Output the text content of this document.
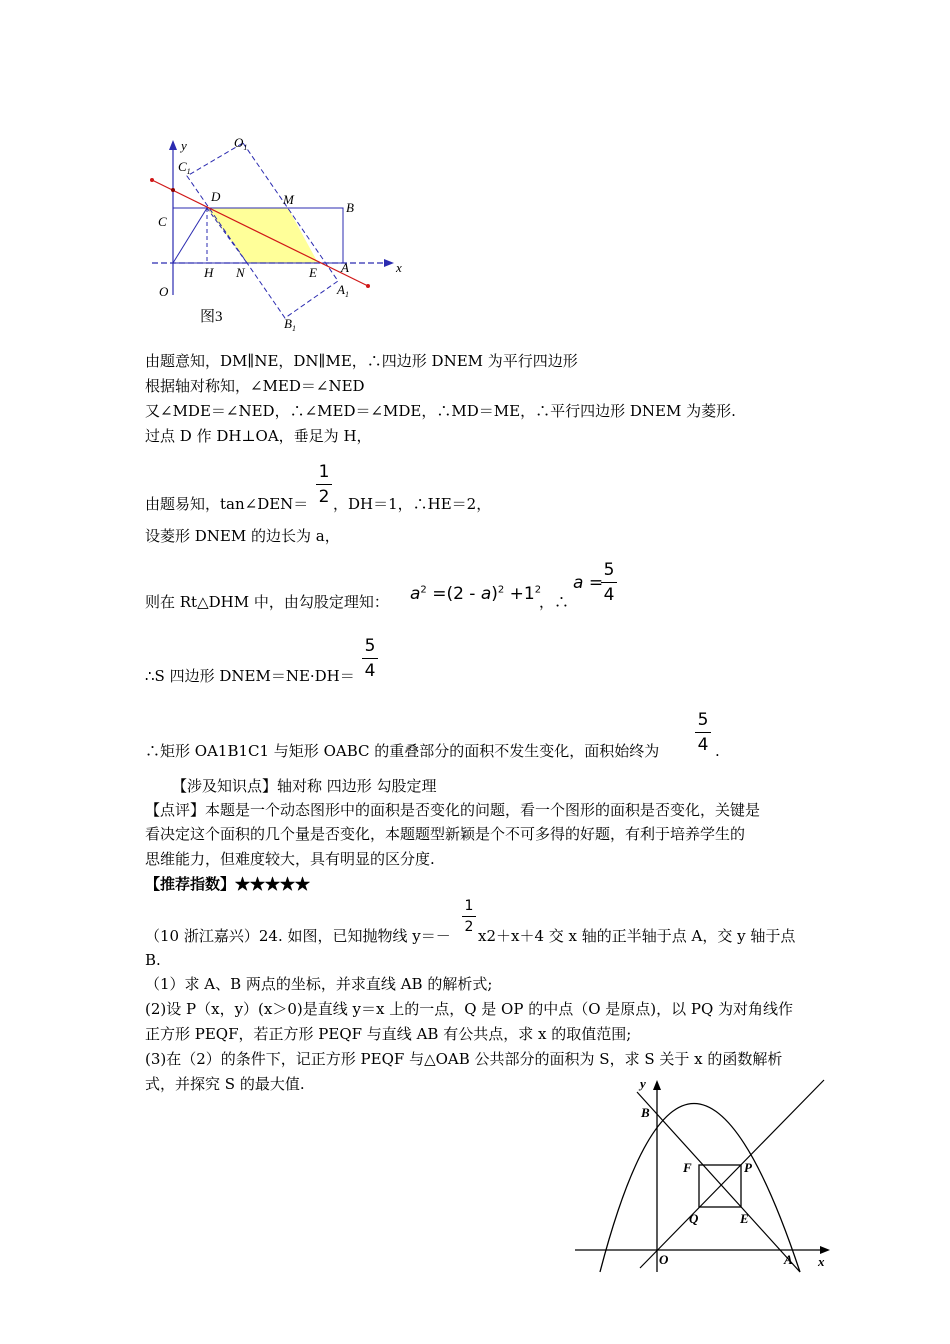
y	$O_1$
$C_1$
D	M
B
C
H N	E A	x
$A_1$
O
$B_1$
图3
由题意知，DM∥NE，DN∥ME，∴四边形 DNEM 为平行四边形
根据轴对称知，∠MED＝∠NED
又∠MDE＝∠NED，∴∠MED＝∠MDE，∴MD＝ME，∴平行四边形 DNEM 为菱形.
过点 D 作 DH⊥OA，垂足为 H，
由题易知，tan∠DEN＝
1
2 ，DH＝1，∴HE＝2，
设菱形 DNEM 的边长为 a，
则在 Rt△DHM 中，由勾股定理知： $a^2 =(2 - a)^2 +1^2$
，∴
a =
5
4
∴S 四边形 DNEM＝NE·DH＝
5
4
∴矩形 OA1B1C1 与矩形 OABC 的重叠部分的面积不发生变化，面积始终为
5
4 .
【涉及知识点】轴对称 四边形 勾股定理
【点评】本题是一个动态图形中的面积是否变化的问题，看一个图形的面积是否变化，关键是
看决定这个面积的几个量是否变化，本题题型新颖是个不可多得的好题，有利于培养学生的
思维能力，但难度较大，具有明显的区分度.
【推荐指数】★★★★★
（10 浙江嘉兴）24. 如图，已知抛物线 y＝－
1
2 x2＋x＋4 交 x 轴的正半轴于点 A，交 y 轴于点
B.
（1）求 A、B 两点的坐标，并求直线 AB 的解析式;
(2)设 P（x，y）(x＞0)是直线 y＝x 上的一点，Q 是 OP 的中点（O 是原点)，以 PQ 为对角线作
正方形 PEQF，若正方形 PEQF 与直线 AB 有公共点，求 x 的取值范围;
(3)在（2）的条件下，记正方形 PEQF 与△OAB 公共部分的面积为 S，求 S 关于 x 的函数解析
式，并探究 S 的最大值.	y
B
F	P
Q	E
O	A x
